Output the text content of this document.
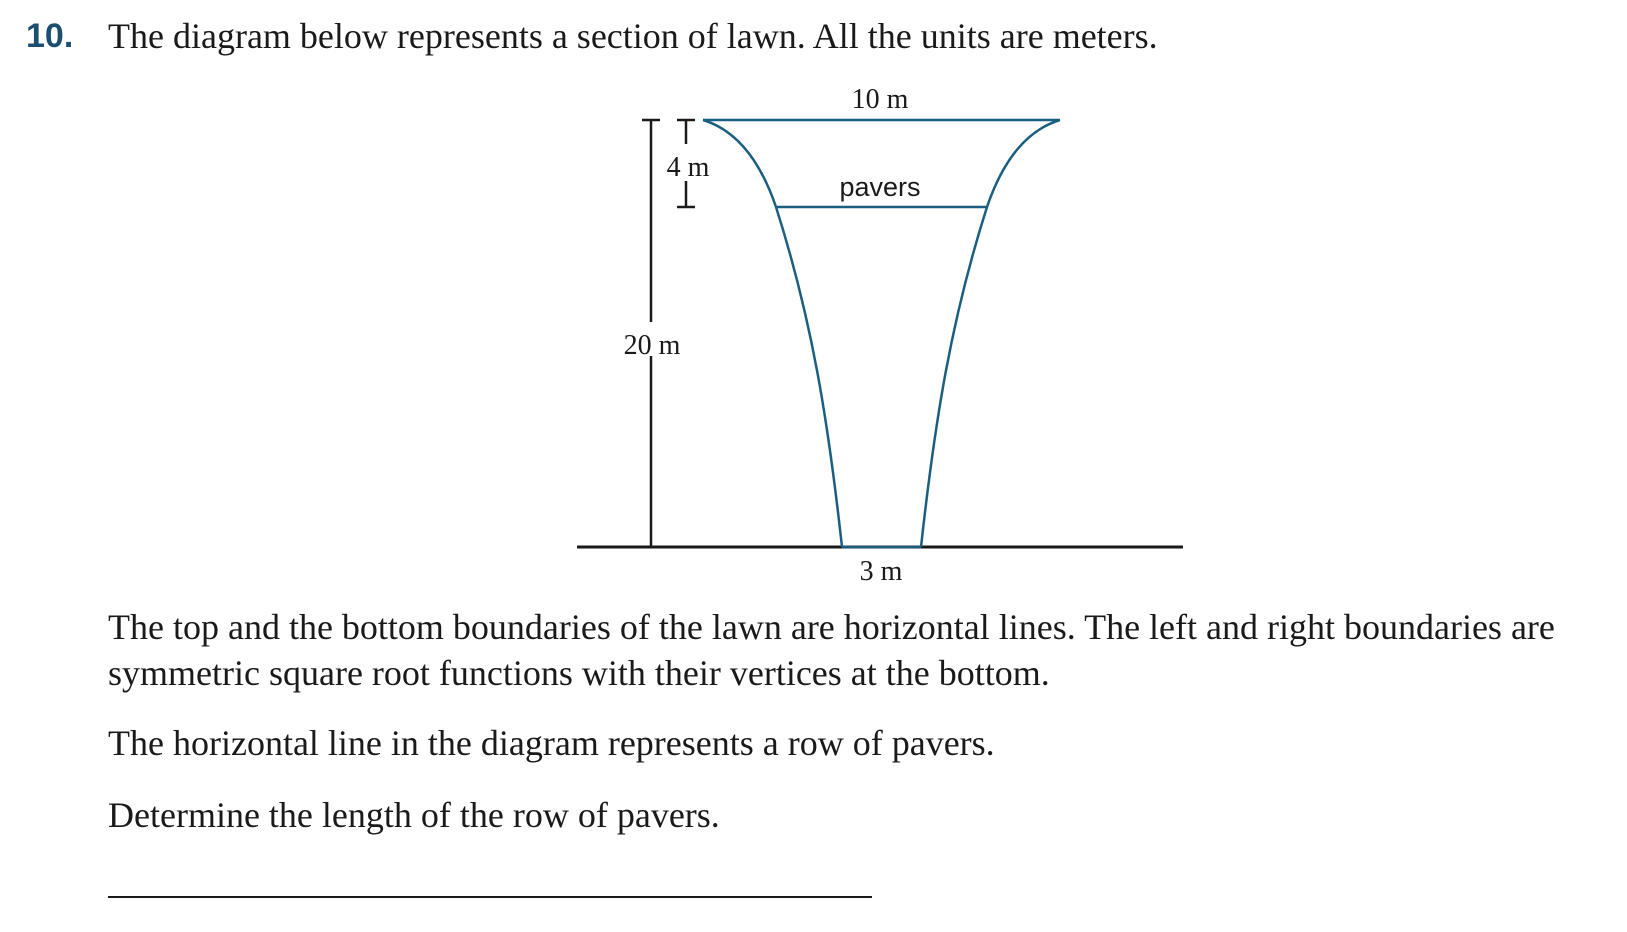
10. The diagram below represents a section of lawn. All the units are meters.
10 m
pavers
4 m
20 m
3 m

The top and the bottom boundaries of the lawn are horizontal lines. The left and right boundaries are symmetric square root functions with their vertices at the bottom.

The horizontal line in the diagram represents a row of pavers.

Determine the length of the row of pavers.
